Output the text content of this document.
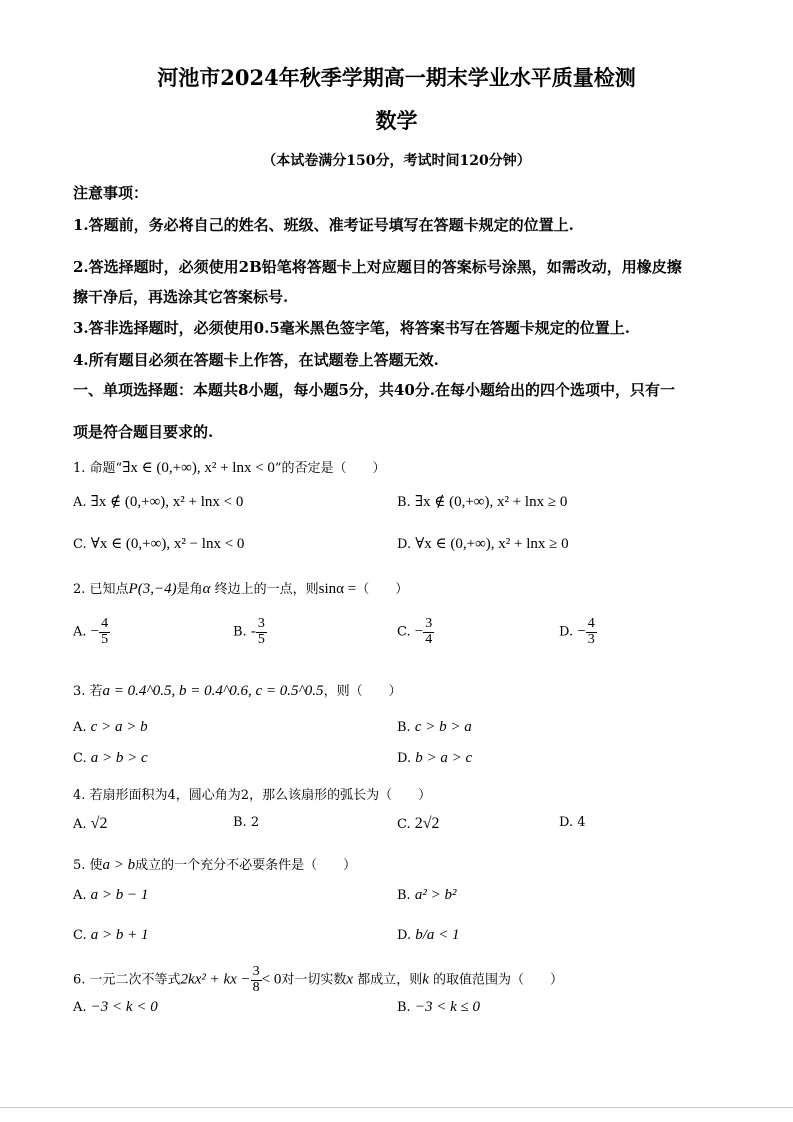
河池市2024年秋季学期高一期末学业水平质量检测
数学
（本试卷满分150分，考试时间120分钟）
注意事项：
1.答题前，务必将自己的姓名、班级、准考证号填写在答题卡规定的位置上.
2.答选择题时，必须使用2B铅笔将答题卡上对应题目的答案标号涂黑，如需改动，用橡皮擦
擦干净后，再选涂其它答案标号.
3.答非选择题时，必须使用0.5毫米黑色签字笔，将答案书写在答题卡规定的位置上.
4.所有题目必须在答题卡上作答，在试题卷上答题无效.
一、单项选择题：本题共8小题，每小题5分，共40分.在每小题给出的四个选项中，只有一
项是符合题目要求的.
1. 命题“∃x ∈ (0,+∞), x² + lnx < 0”的否定是（　　）
A. ∃x ∉ (0,+∞), x² + lnx < 0	B. ∃x ∉ (0,+∞), x² + lnx ≥ 0
C. ∀x ∈ (0,+∞), x² − lnx < 0	D. ∀x ∈ (0,+∞), x² + lnx ≥ 0
2. 已知点P(3,−4)是角α 终边上的一点，则sinα =（　　）
A. − $\frac{4}{5}$	B. - $\frac{3}{5}$	C. − $\frac{3}{4}$	D. − $\frac{4}{3}$
3. 若a = 0.4^0.5, b = 0.4^0.6, c = 0.5^0.5，则（　　）
A. c > a > b	B. c > b > a
C. a > b > c	D. b > a > c
4. 若扇形面积为4，圆心角为2，那么该扇形的弧长为（　　）
A. √2	B. 2	C. 2√2	D. 4
5. 使a > b成立的一个充分不必要条件是（　　）
A. a > b − 1	B. a² > b²
C. a > b + 1	D. b/a < 1
6. 一元二次不等式2kx² + kx − $\frac{3}{8} < 0$对一切实数x 都成立，则k 的取值范围为（　　）
A. −3 < k < 0	B. −3 < k ≤ 0
